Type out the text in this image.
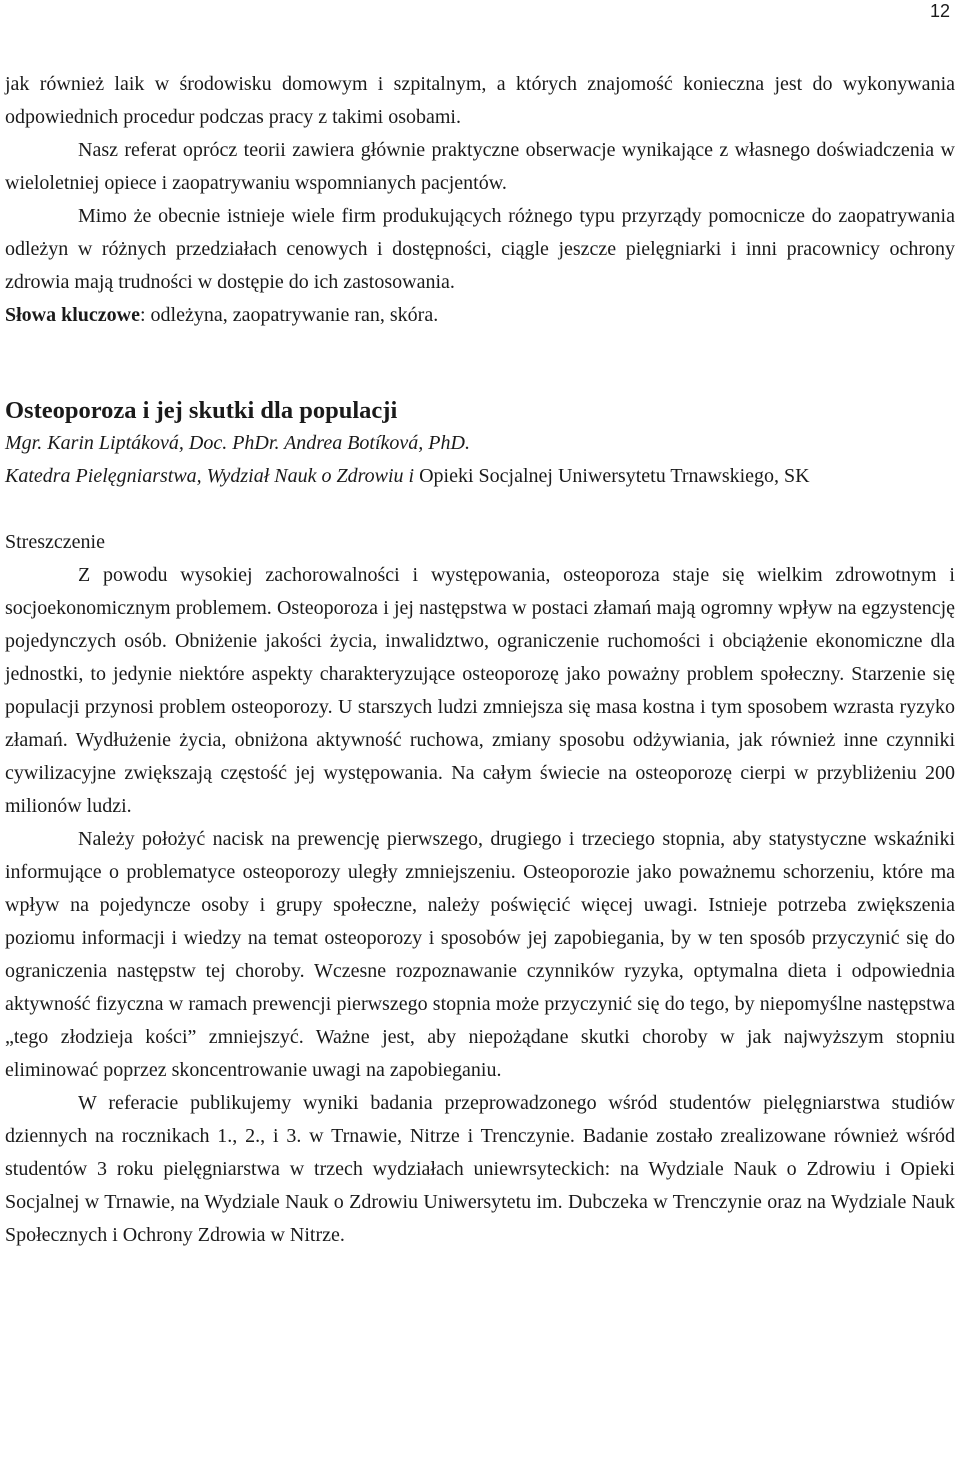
12

jak również laik w środowisku domowym i szpitalnym, a których znajomość konieczna jest do wykonywania odpowiednich procedur podczas pracy z takimi osobami.

Nasz referat oprócz teorii zawiera głównie praktyczne obserwacje wynikające z własnego doświadczenia w wieloletniej opiece i zaopatrywaniu wspomnianych pacjentów.

Mimo że obecnie istnieje wiele firm produkujących różnego typu przyrządy pomocnicze do zaopatrywania odleżyn w różnych przedziałach cenowych i dostępności, ciągle jeszcze pielęgniarki i inni pracownicy ochrony zdrowia mają trudności w dostępie do ich zastosowania.

Słowa kluczowe: odleżyna, zaopatrywanie ran, skóra.

Osteoporoza i jej skutki dla populacji

Mgr. Karin Liptáková, Doc. PhDr. Andrea Botíková, PhD.

Katedra Pielęgniarstwa, Wydział Nauk o Zdrowiu i Opieki Socjalnej Uniwersytetu Trnawskiego, SK

Streszczenie

Z powodu wysokiej zachorowalności i występowania, osteoporoza staje się wielkim zdrowotnym i socjoekonomicznym problemem. Osteoporoza i jej następstwa w postaci złamań mają ogromny wpływ na egzystencję pojedynczych osób. Obniżenie jakości życia, inwalidztwo, ograniczenie ruchomości i obciążenie ekonomiczne dla jednostki, to jedynie niektóre aspekty charakteryzujące osteoporozę jako poważny problem społeczny. Starzenie się populacji przynosi problem osteoporozy. U starszych ludzi zmniejsza się masa kostna i tym sposobem wzrasta ryzyko złamań. Wydłużenie życia, obniżona aktywność ruchowa, zmiany sposobu odżywiania, jak również inne czynniki cywilizacyjne zwiększają częstość jej występowania. Na całym świecie na osteoporozę cierpi w przybliżeniu 200 milionów ludzi.

Należy położyć nacisk na prewencję pierwszego, drugiego i trzeciego stopnia, aby statystyczne wskaźniki informujące o problematyce osteoporozy uległy zmniejszeniu. Osteoporozie jako poważnemu schorzeniu, które ma wpływ na pojedyncze osoby i grupy społeczne, należy poświęcić więcej uwagi. Istnieje potrzeba zwiększenia poziomu informacji i wiedzy na temat osteoporozy i sposobów jej zapobiegania, by w ten sposób przyczynić się do ograniczenia następstw tej choroby. Wczesne rozpoznawanie czynników ryzyka, optymalna dieta i odpowiednia aktywność fizyczna w ramach prewencji pierwszego stopnia może przyczynić się do tego, by niepomyślne następstwa „tego złodzieja kości” zmniejszyć. Ważne jest, aby niepożądane skutki choroby w jak najwyższym stopniu eliminować poprzez skoncentrowanie uwagi na zapobieganiu.

W referacie publikujemy wyniki badania przeprowadzonego wśród studentów pielęgniarstwa studiów dziennych na rocznikach 1., 2., i 3. w Trnawie, Nitrze i Trenczynie. Badanie zostało zrealizowane również wśród studentów 3 roku pielęgniarstwa w trzech wydziałach uniewrsyteckich: na Wydziale Nauk o Zdrowiu i Opieki Socjalnej w Trnawie, na Wydziale Nauk o Zdrowiu Uniwersytetu im. Dubczeka w Trenczynie oraz na Wydziale Nauk Społecznych i Ochrony Zdrowia w Nitrze.
